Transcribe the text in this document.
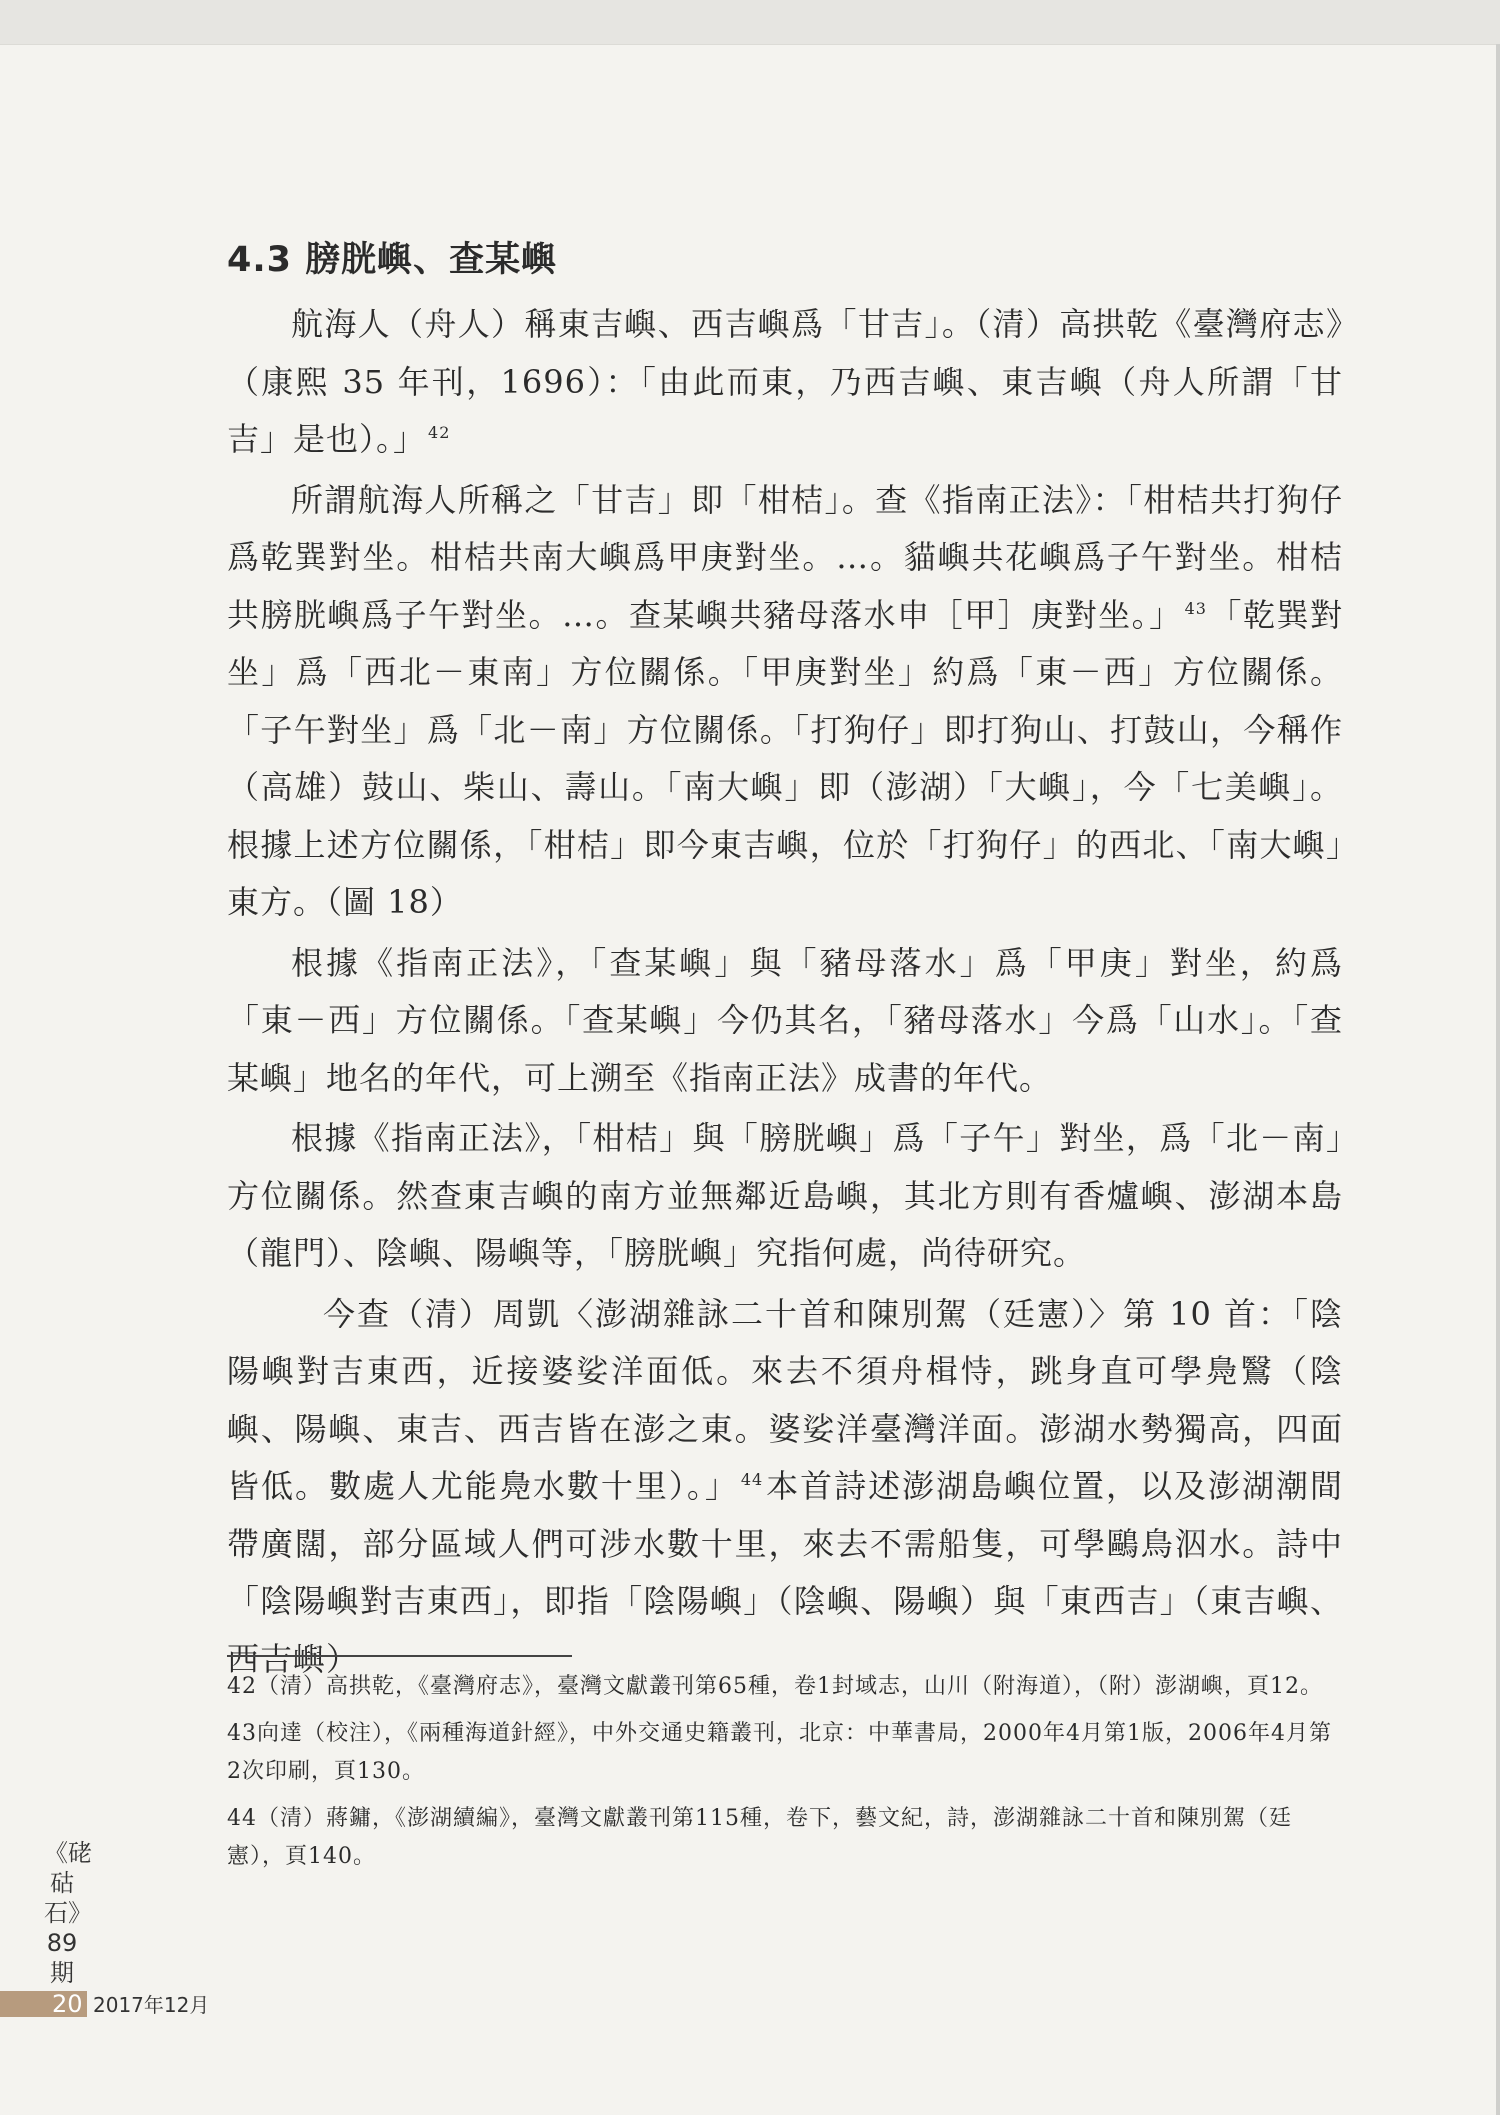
4.3 膀胱嶼、查某嶼

航海人（舟人）稱東吉嶼、西吉嶼爲「甘吉」。（清）高拱乾《臺灣府志》（康熙 35 年刊，1696）：「由此而東，乃西吉嶼、東吉嶼（舟人所謂「甘吉」是也）。」 $^{42}$

所謂航海人所稱之「甘吉」即「柑桔」。查《指南正法》：「柑桔共打狗仔爲乾巽對坐。柑桔共南大嶼爲甲庚對坐。…。貓嶼共花嶼爲子午對坐。柑桔共膀胱嶼爲子午對坐。…。查某嶼共豬母落水申［甲］庚對坐。」 $^{43}$「乾巽對坐」爲「西北－東南」方位關係。「甲庚對坐」約爲「東－西」方位關係。「子午對坐」爲「北－南」方位關係。「打狗仔」即打狗山、打鼓山，今稱作（高雄）鼓山、柴山、壽山。「南大嶼」即（澎湖）「大嶼」，今「七美嶼」。根據上述方位關係，「柑桔」即今東吉嶼，位於「打狗仔」的西北、「南大嶼」東方。（圖 18）

根據《指南正法》，「查某嶼」與「豬母落水」爲「甲庚」對坐，約爲「東－西」方位關係。「查某嶼」今仍其名，「豬母落水」今爲「山水」。「查某嶼」地名的年代，可上溯至《指南正法》成書的年代。

根據《指南正法》，「柑桔」與「膀胱嶼」爲「子午」對坐，爲「北－南」方位關係。然查東吉嶼的南方並無鄰近島嶼，其北方則有香爐嶼、澎湖本島（龍門）、陰嶼、陽嶼等，「膀胱嶼」究指何處，尚待研究。

今查（清）周凱〈澎湖雜詠二十首和陳別駕（廷憲）〉第 10 首：「陰陽嶼對吉東西，近接婆娑洋面低。來去不須舟楫恃，跳身直可學鳧鷖（陰嶼、陽嶼、東吉、西吉皆在澎之東。婆娑洋臺灣洋面。澎湖水勢獨高，四面皆低。數處人尤能鳧水數十里）。」 $^{44}$本首詩述澎湖島嶼位置，以及澎湖潮間帶廣闊，部分區域人們可涉水數十里，來去不需船隻，可學鷗鳥泅水。詩中「陰陽嶼對吉東西」，即指「陰陽嶼」（陰嶼、陽嶼）與「東西吉」（東吉嶼、西吉嶼）

42（清）高拱乾，《臺灣府志》，臺灣文獻叢刊第65種，卷1封域志，山川（附海道），（附）澎湖嶼，頁12。
43向達（校注），《兩種海道針經》，中外交通史籍叢刊，北京：中華書局，2000年4月第1版，2006年4月第2次印刷，頁130。
44（清）蔣鏞，《澎湖續編》，臺灣文獻叢刊第115種，卷下，藝文紀，詩，澎湖雜詠二十首和陳別駕（廷憲），頁140。
《硓𥑮石》89期
20 2017年12月
